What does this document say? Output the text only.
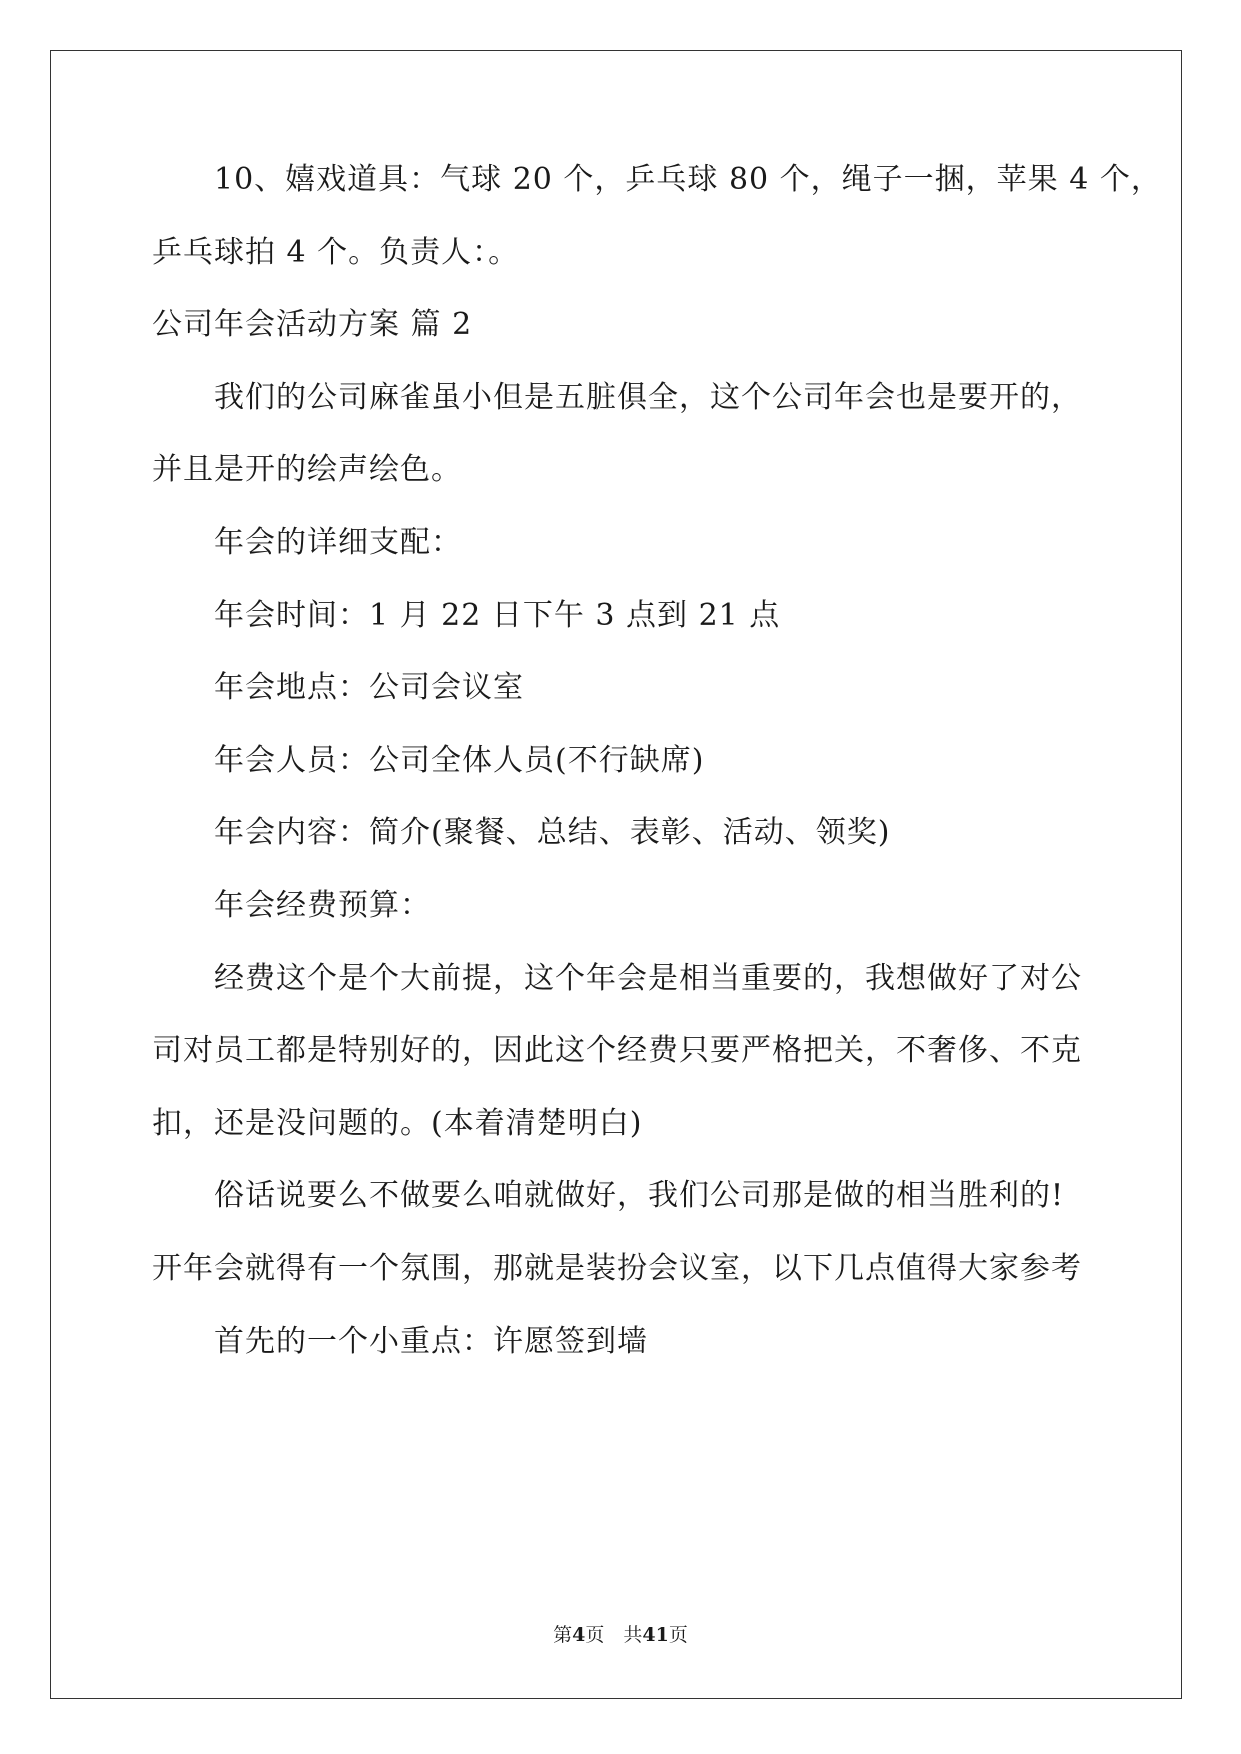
10、嬉戏道具：气球 20 个，乒乓球 80 个，绳子一捆，苹果 4 个，

乒乓球拍 4 个。负责人：。

公司年会活动方案 篇 2

我们的公司麻雀虽小但是五脏俱全，这个公司年会也是要开的，

并且是开的绘声绘色。

年会的详细支配：

年会时间：1 月 22 日下午 3 点到 21 点

年会地点：公司会议室

年会人员：公司全体人员(不行缺席)

年会内容：简介(聚餐、总结、表彰、活动、领奖)

年会经费预算：

经费这个是个大前提，这个年会是相当重要的，我想做好了对公

司对员工都是特别好的，因此这个经费只要严格把关，不奢侈、不克

扣，还是没问题的。(本着清楚明白)

俗话说要么不做要么咱就做好，我们公司那是做的相当胜利的!

开年会就得有一个氛围，那就是装扮会议室，以下几点值得大家参考

首先的一个小重点：许愿签到墙

第4页　共41页
